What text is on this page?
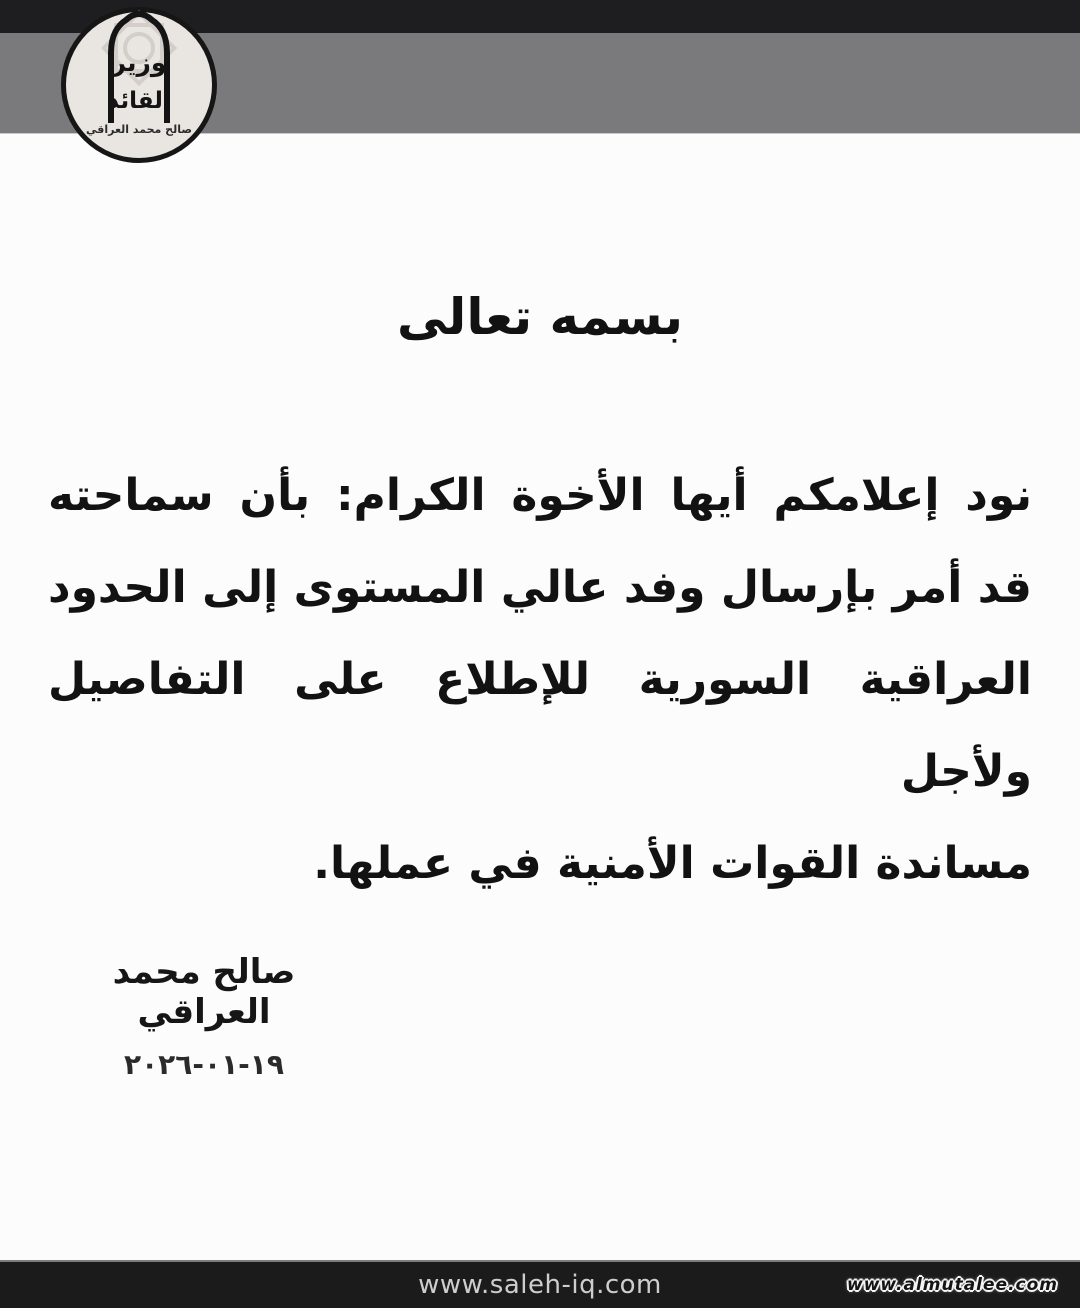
وزير
القائد
صالح محمد العراقي
بسمه تعالى
نود إعلامكم أيها الأخوة الكرام: بأن سماحته
قد أمر بإرسال وفد عالي المستوى إلى الحدود
العراقية السورية للإطلاع على التفاصيل ولأجل
مساندة القوات الأمنية في عملها.
صالح محمد العراقي
١٩-٠١-٢٠٢٦
www.saleh-iq.com	www.almutalee.com
